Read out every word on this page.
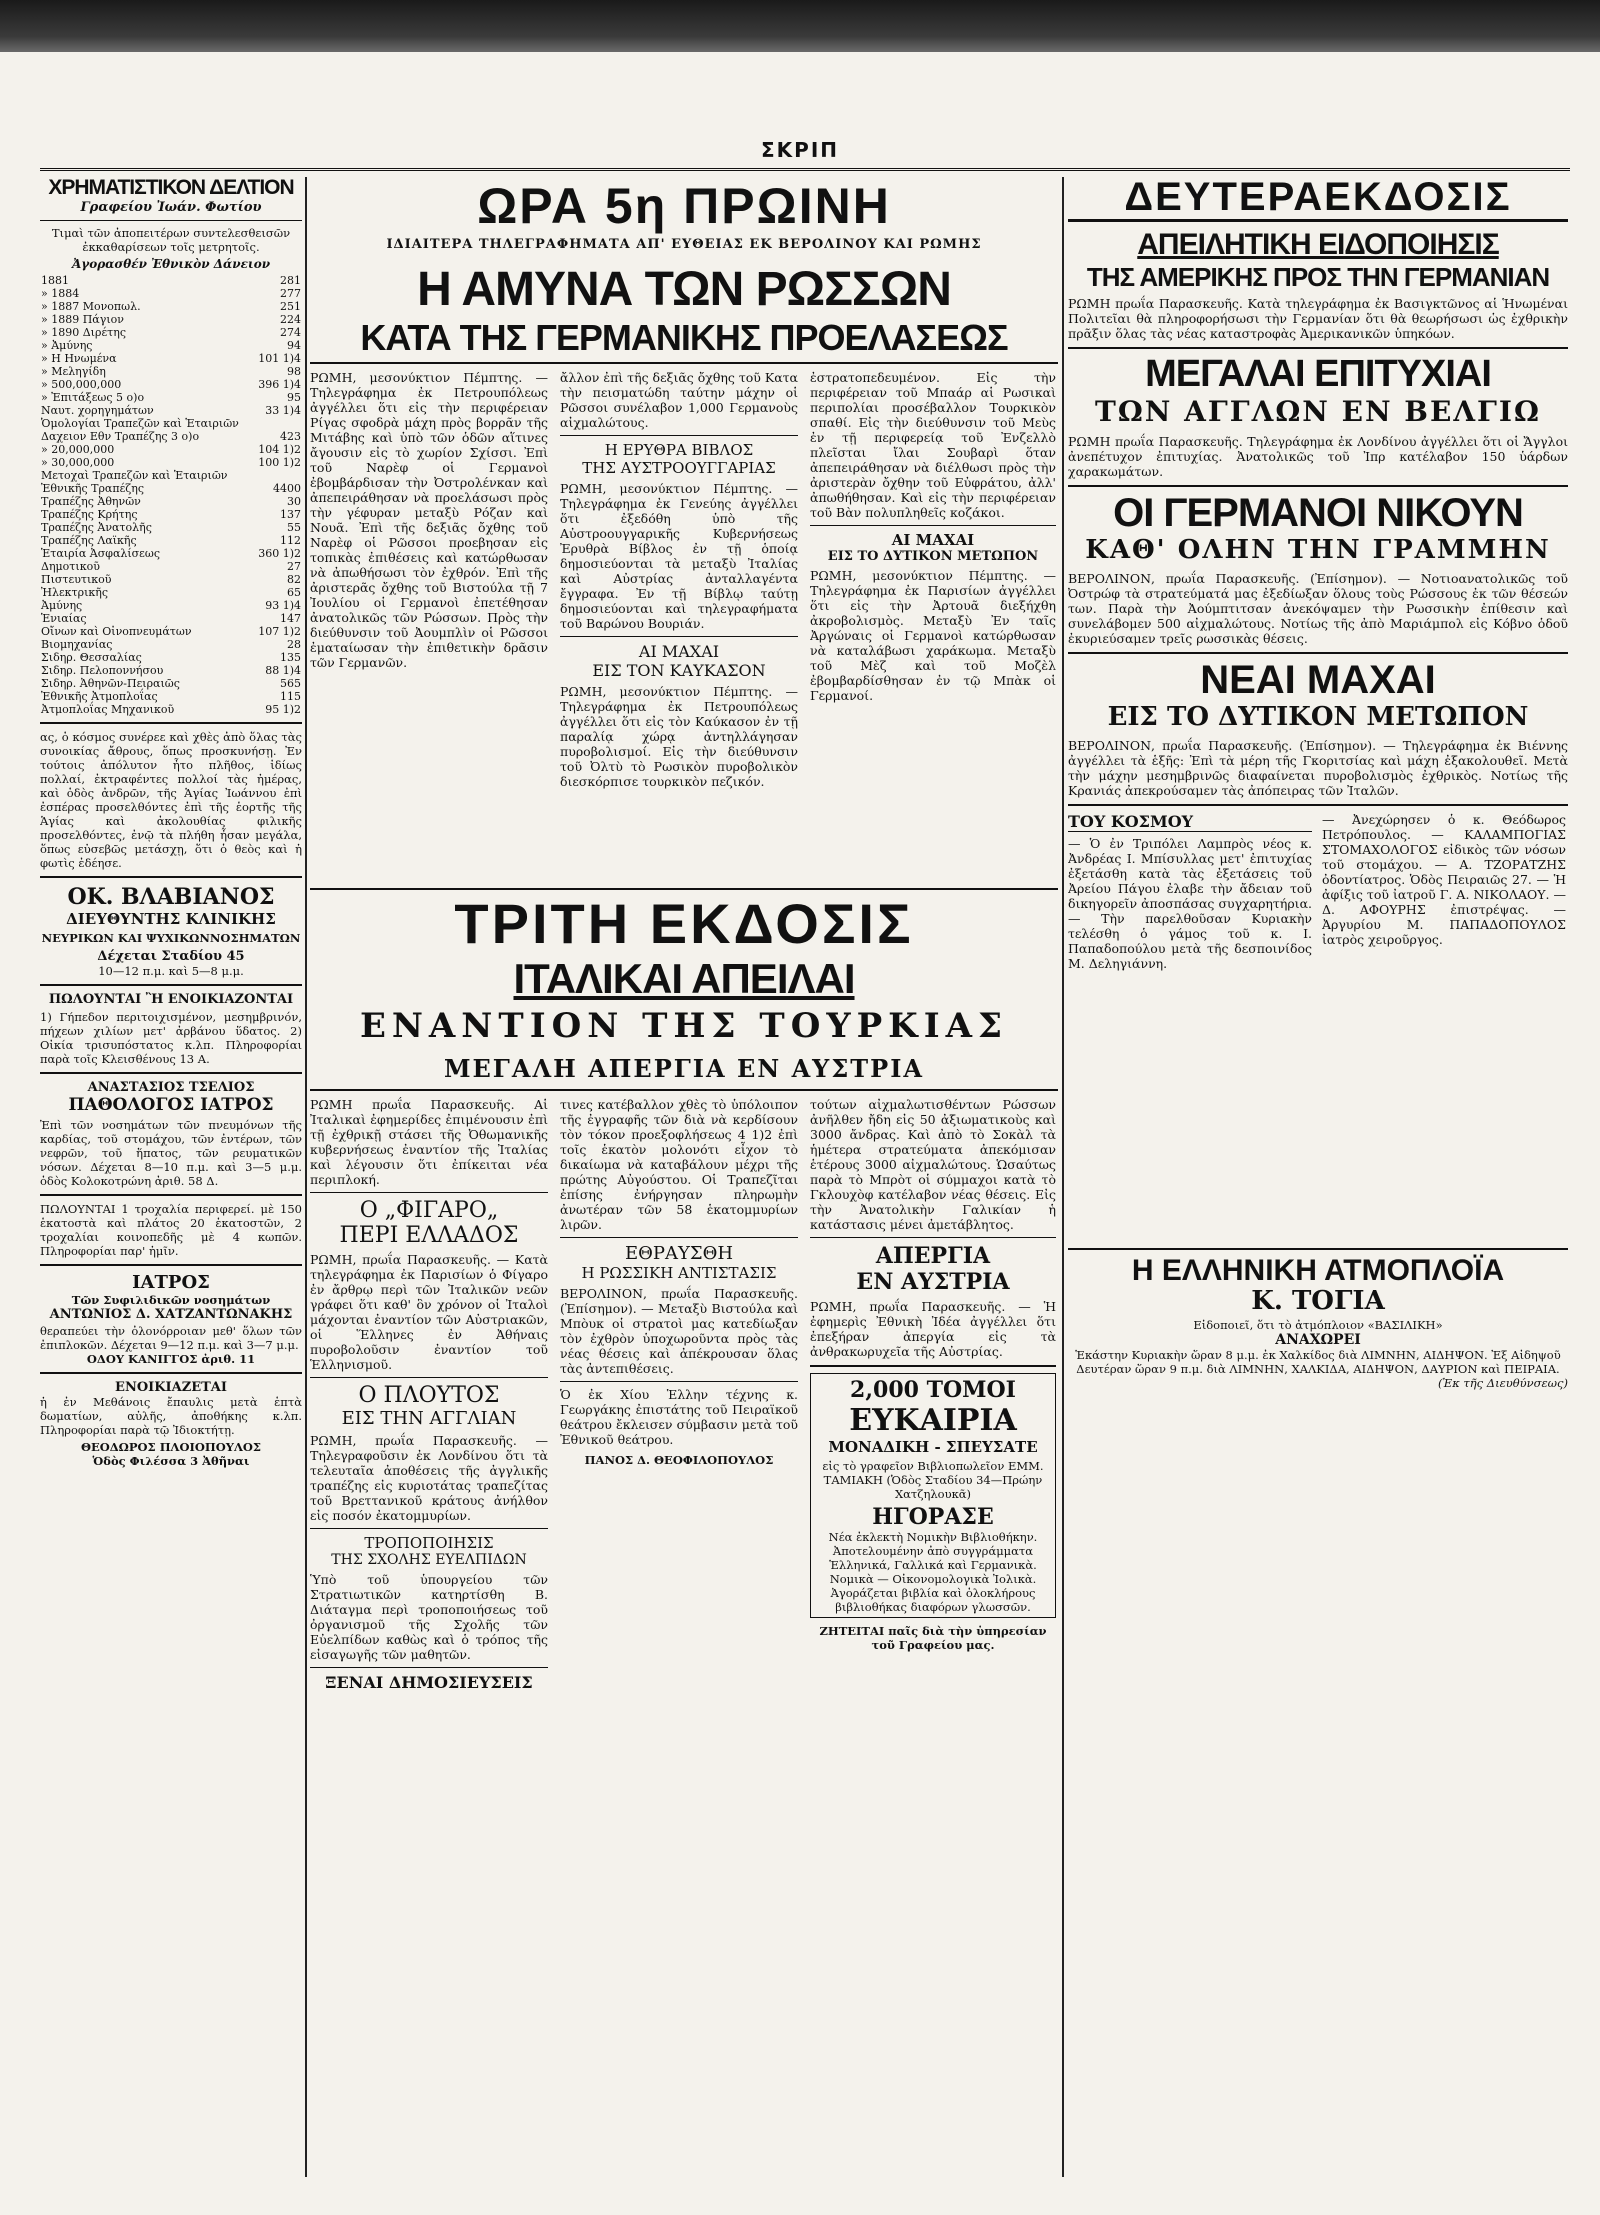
ΣΚΡΙΠ
ΧΡΗΜΑΤΙΣΤΙΚΟΝ ΔΕΛΤΙΟΝ
Γραφείου Ἰωάν. Φωτίου

Τιμαὶ τῶν ἀποπειτέρων συντελεσθεισῶν ἐκκαθαρίσεων τοῖς μετρητοῖς.

Ἀγορασθέν Ἐθνικὸν Δάνειον
1881	281
» 1884	277
» 1887 Μονοπωλ.	251
» 1889 Πάγιον	224
» 1890 Διρέτης	274
» Ἀμύνης	94
» Η Ηνωμένα	101 1)4
» Μεληγίδη	98
» 500,000,000	396 1)4
» Ἐπιτάξεως 5 ο)ο	95
Ναυτ. χορηγημάτων	33 1)4
Ὁμολογίαι Τραπεζῶν καὶ Ἑταιριῶν	
Δαχειον Εθν Τραπέζης 3 ο)ο	423
» 20,000,000	104 1)2
» 30,000,000	100 1)2
Μετοχαὶ Τραπεζῶν καὶ Ἑταιριῶν	
Ἐθνικῆς Τραπέζης	4400
Τραπέζης Ἀθηνῶν	30
Τραπέζης Κρήτης	137
Τραπέζης Ἀνατολῆς	55
Τραπέζης Λαϊκῆς	112
Ἑταιρία Ἀσφαλίσεως	360 1)2
Δημοτικοῦ	27
Πιστευτικοῦ	82
Ἠλεκτρικῆς	65
Ἀμύνης	93 1)4
Ἑνιαίας	147
Οἴνων καὶ Οἰνοπνευμάτων	107 1)2
Βιομηχανίας	28
Σιδηρ. Θεσσαλίας	135
Σιδηρ. Πελοποννήσου	88 1)4
Σιδηρ. Ἀθηνῶν-Πειραιῶς	565
Ἐθνικῆς Ἀτμοπλοΐας	115
Ἀτμοπλοΐας Μηχανικοῦ	95 1)2

ας, ὁ κόσμος συνέρεε καὶ χθὲς ἀπὸ ὅλας τὰς συνοικίας ἄθρους, ὅπως προσκυνήσῃ. Ἐν τούτοις ἀπόλυτον ἦτο πλῆθος, ἰδίως πολλαί, ἐκτραφέντες πολλοί τὰς ἡμέρας, καὶ ὁδὸς ἀνδρῶν, τῆς Ἁγίας Ἰωάννου ἐπὶ ἐσπέρας προσελθόντες ἐπὶ τῆς ἑορτῆς τῆς Ἁγίας καὶ ἀκολουθίας φιλικῆς προσελθόντες, ἐνῷ τὰ πλήθη ἦσαν μεγάλα, ὅπως εὐσεβῶς μετάσχῃ, ὅτι ὁ θεὸς καὶ ἡ φωτὶς ἐδέησε.

ΟΚ. ΒΛΑΒΙΑΝΟΣ
ΔΙΕΥΘΥΝΤΗΣ ΚΛΙΝΙΚΗΣ
ΝΕΥΡΙΚΩΝ ΚΑΙ ΨΥΧΙΚΩΝΝΟΣΗΜΑΤΩΝ
Δέχεται Σταδίου 45
10—12 π.μ. καὶ 5—8 μ.μ.
ΠΩΛΟΥΝΤΑΙ Ἢ ΕΝΟΙΚΙΑΖΟΝΤΑΙ

1) Γήπεδον περιτοιχισμένον, μεσημβρινόν, πήχεων χιλίων μετ' ἀρβάνου ὕδατος. 2) Οἰκία τρισυπόστατος κ.λπ. Πληροφορίαι παρὰ τοῖς Κλεισθένους 13 Α.

ΑΝΑΣΤΑΣΙΟΣ ΤΣΕΛΙΟΣ
ΠΑΘΟΛΟΓΟΣ ΙΑΤΡΟΣ

Ἐπὶ τῶν νοσημάτων τῶν πνευμόνων τῆς καρδίας, τοῦ στομάχου, τῶν ἐντέρων, τῶν νεφρῶν, τοῦ ἥπατος, τῶν ρευματικῶν νόσων. Δέχεται 8—10 π.μ. καὶ 3—5 μ.μ. ὁδὸς Κολοκοτρώνη ἀριθ. 58 Δ.

ΠΩΛΟΥΝΤΑΙ 1 τροχαλία περιφερεί. μὲ 150 ἑκατοστὰ καὶ πλάτος 20 ἑκατοστῶν, 2 τροχαλίαι κοινοπεδῆς μὲ 4 κωπῶν. Πληροφορίαι παρ' ἡμῖν.

ΙΑΤΡΟΣ
Τῶν Συφιλιδικῶν νοσημάτων
ΑΝΤΩΝΙΟΣ Δ. ΧΑΤΖΑΝΤΩΝΑΚΗΣ

θεραπεύει τὴν ὀλονόρροιαν μεθ' ὅλων τῶν ἐπιπλοκῶν. Δέχεται 9—12 π.μ. καὶ 3—7 μ.μ.

ΟΔΟΥ ΚΑΝΙΓΓΟΣ ἀριθ. 11
ΕΝΟΙΚΙΑΖΕΤΑΙ

ἡ ἐν Μεθάνοις ἔπαυλις μετὰ ἑπτὰ δωματίων, αὐλῆς, ἀποθήκης κ.λπ. Πληροφορίαι παρὰ τῷ Ἰδιοκτήτῃ.

ΘΕΟΔΩΡΟΣ ΠΛΟΙΟΠΟΥΛΟΣ
Ὁδὸς Φιλέσσα 3 Ἀθῆναι
ΩΡΑ 5η ΠΡΩΙΝΗ
ΙΔΙΑΙΤΕΡΑ ΤΗΛΕΓΡΑΦΗΜΑΤΑ ΑΠ' ΕΥΘΕΙΑΣ ΕΚ ΒΕΡΟΛΙΝΟΥ ΚΑΙ ΡΩΜΗΣ
Η ΑΜΥΝΑ ΤΩΝ ΡΩΣΣΩΝ
ΚΑΤΑ ΤΗΣ ΓΕΡΜΑΝΙΚΗΣ ΠΡΟΕΛΑΣΕΩΣ

ΡΩΜΗ, μεσονύκτιον Πέμπτης. — Τηλεγράφημα ἐκ Πετρουπόλεως ἀγγέλλει ὅτι εἰς τὴν περιφέρειαν Ρίγας σφοδρὰ μάχη πρὸς βορρᾶν τῆς Μιτάβης καὶ ὑπὸ τῶν ὁδῶν αἵτινες ἄγουσιν εἰς τὸ χωρίον Σχίσσι. Ἐπὶ τοῦ Ναρὲφ οἱ Γερμανοὶ ἐβομβάρδισαν τὴν Ὀστρολένκαν καὶ ἀπεπειράθησαν νὰ προελάσωσι πρὸς τὴν γέφυραν μεταξὺ Ρόζαν καὶ Νουᾶ. Ἐπὶ τῆς δεξιᾶς ὄχθης τοῦ Ναρὲφ οἱ Ρῶσσοι προεβησαν εἰς τοπικὰς ἐπιθέσεις καὶ κατώρθωσαν νὰ ἀπωθήσωσι τὸν ἐχθρόν. Ἐπὶ τῆς ἀριστερᾶς ὄχθης τοῦ Βιστούλα τῇ 7 Ἰουλίου οἱ Γερμανοὶ ἐπετέθησαν ἀνατολικῶς τῶν Ρώσσων. Πρὸς τὴν διεύθυνσιν τοῦ Ἀουμπλὶν οἱ Ρῶσσοι ἐματαίωσαν τὴν ἐπιθετικὴν δρᾶσιν τῶν Γερμανῶν.

ἄλλον ἐπὶ τῆς δεξιᾶς ὄχθης τοῦ Κατα τὴν πεισματώδη ταύτην μάχην οἱ Ρῶσσοι συνέλαβον 1,000 Γερμανοὺς αἰχμαλώτους.

Η ΕΡΥΘΡΑ ΒΙΒΛΟΣ
ΤΗΣ ΑΥΣΤΡΟΟΥΓΓΑΡΙΑΣ

ΡΩΜΗ, μεσονύκτιον Πέμπτης. — Τηλεγράφημα ἐκ Γενεύης ἀγγέλλει ὅτι ἐξεδόθη ὑπὸ τῆς Αὐστροουγγαρικῆς Κυβερνήσεως Ἐρυθρὰ Βίβλος ἐν τῇ ὁποίᾳ δημοσιεύονται τὰ μεταξὺ Ἰταλίας καὶ Αὐστρίας ἀνταλλαγέντα ἔγγραφα. Ἐν τῇ Βίβλῳ ταύτῃ δημοσιεύονται καὶ τηλεγραφήματα τοῦ Βαρώνου Βουριάν.

ΑΙ ΜΑΧΑΙ
ΕΙΣ ΤΟΝ ΚΑΥΚΑΣΟΝ

ΡΩΜΗ, μεσονύκτιον Πέμπτης. — Τηλεγράφημα ἐκ Πετρουπόλεως ἀγγέλλει ὅτι εἰς τὸν Καύκασον ἐν τῇ παραλίᾳ χώρᾳ ἀντηλλάγησαν πυροβολισμοί. Εἰς τὴν διεύθυνσιν τοῦ Ὀλτὺ τὸ Ρωσικὸν πυροβολικὸν διεσκόρπισε τουρκικὸν πεζικόν.

ἐστρατοπεδευμένον. Εἰς τὴν περιφέρειαν τοῦ Μπαάρ αἱ Ρωσικαὶ περιπολίαι προσέβαλλον Τουρκικὸν σπαθί. Εἰς τὴν διεύθυνσιν τοῦ Μεὺς ἐν τῇ περιφερείᾳ τοῦ Ἐνζελλὸ πλεῖσται ἴλαι Σουβαρὶ ὅταν ἀπεπειράθησαν νὰ διέλθωσι πρὸς τὴν ἀριστερὰν ὄχθην τοῦ Εὐφράτου, ἀλλ' ἀπωθήθησαν. Καὶ εἰς τὴν περιφέρειαν τοῦ Βὰν πολυπληθεῖς κοζάκοι.

ΑΙ ΜΑΧΑΙ
ΕΙΣ ΤΟ ΔΥΤΙΚΟΝ ΜΕΤΩΠΟΝ

ΡΩΜΗ, μεσονύκτιον Πέμπτης. — Τηλεγράφημα ἐκ Παρισίων ἀγγέλλει ὅτι εἰς τὴν Ἀρτουᾶ διεξήχθη ἀκροβολισμὸς. Μεταξὺ Ἐν ταῖς Ἀργώναις οἱ Γερμανοὶ κατώρθωσαν νὰ καταλάβωσι χαράκωμα. Μεταξὺ τοῦ Μὲζ καὶ τοῦ Μοζὲλ ἐβομβαρδίσθησαν ἐν τῷ Μπὰκ οἱ Γερμανοί.

ΤΡΙΤΗ ΕΚΔΟΣΙΣ
ΙΤΑΛΙΚΑΙ ΑΠΕΙΛΑΙ
ΕΝΑΝΤΙΟΝ ΤΗΣ ΤΟΥΡΚΙΑΣ
ΜΕΓΑΛΗ ΑΠΕΡΓΙΑ ΕΝ ΑΥΣΤΡΙΑ

ΡΩΜΗ πρωΐα Παρασκευῆς. Αἱ Ἰταλικαὶ ἐφημερίδες ἐπιμένουσιν ἐπὶ τῇ ἐχθρικῇ στάσει τῆς Ὀθωμανικῆς κυβερνήσεως ἐναντίον τῆς Ἰταλίας καὶ λέγουσιν ὅτι ἐπίκειται νέα περιπλοκή.

Ο „ΦΙΓΑΡΟ„
ΠΕΡΙ ΕΛΛΑΔΟΣ

ΡΩΜΗ, πρωΐα Παρασκευῆς. — Κατὰ τηλεγράφημα ἐκ Παρισίων ὁ Φίγαρο ἐν ἄρθρῳ περὶ τῶν Ἰταλικῶν νεῶν γράφει ὅτι καθ' ὃν χρόνον οἱ Ἰταλοὶ μάχονται ἐναντίον τῶν Αὐστριακῶν, οἱ Ἕλληνες ἐν Ἀθήναις πυροβολοῦσιν ἐναντίον τοῦ Ἑλληνισμοῦ.

Ο ΠΛΟΥΤΟΣ
ΕΙΣ ΤΗΝ ΑΓΓΛΙΑΝ

ΡΩΜΗ, πρωΐα Παρασκευῆς. — Τηλεγραφοῦσιν ἐκ Λονδίνου ὅτι τὰ τελευταῖα ἀποθέσεις τῆς ἀγγλικῆς τραπέζης εἰς κυριοτάτας τραπεζίτας τοῦ Βρεττανικοῦ κράτους ἀνήλθον εἰς ποσόν ἐκατομμυρίων.

ΤΡΟΠΟΠΟΙΗΣΙΣ
ΤΗΣ ΣΧΟΛΗΣ ΕΥΕΛΠΙΔΩΝ

Ὑπὸ τοῦ ὑπουργείου τῶν Στρατιωτικῶν κατηρτίσθη Β. Διάταγμα περὶ τροποποιήσεως τοῦ ὀργανισμοῦ τῆς Σχολῆς τῶν Εὐελπίδων καθὼς καὶ ὁ τρόπος τῆς εἰσαγωγῆς τῶν μαθητῶν.

ΞΕΝΑΙ ΔΗΜΟΣΙΕΥΣΕΙΣ

τινες κατέβαλλον χθὲς τὸ ὑπόλοιπον τῆς ἐγγραφῆς τῶν διὰ νὰ κερδίσουν τὸν τόκον προεξοφλήσεως 4 1)2 ἐπὶ τοῖς ἑκατὸν μολονότι εἶχον τὸ δικαίωμα νὰ καταβάλουν μέχρι τῆς πρώτης Αὐγούστου. Οἱ Τραπεζῖται ἐπίσης ἐνήργησαν πληρωμὴν ἀνωτέραν τῶν 58 ἑκατομμυρίων λιρῶν.

ΕΘΡΑΥΣΘΗ
Η ΡΩΣΣΙΚΗ ΑΝΤΙΣΤΑΣΙΣ

ΒΕΡΟΛΙΝΟΝ, πρωΐα Παρασκευῆς. (Ἐπίσημον). — Μεταξὺ Βιστούλα καὶ Μπὸυκ οἱ στρατοὶ μας κατεδίωξαν τὸν ἐχθρὸν ὑποχωροῦντα πρὸς τὰς νέας θέσεις καὶ ἀπέκρουσαν ὅλας τὰς ἀντεπιθέσεις.

Ὁ ἐκ Χίου Ἑλλην τέχνης κ. Γεωργάκης ἐπιστάτης τοῦ Πειραϊκοῦ θεάτρου ἔκλεισεν σύμβασιν μετὰ τοῦ Ἐθνικοῦ θεάτρου.

ΠΑΝΟΣ Δ. ΘΕΟΦΙΛΟΠΟΥΛΟΣ

τούτων αἰχμαλωτισθέντων Ρώσσων ἀνῆλθεν ἤδη εἰς 50 ἀξιωματικοὺς καὶ 3000 ἄνδρας. Καὶ ἀπὸ τὸ Σοκὰλ τὰ ἡμέτερα στρατεύματα ἀπεκόμισαν ἑτέρους 3000 αἰχμαλώτους. Ὡσαύτως παρὰ τὸ Μπρὸτ οἱ σύμμαχοι κατὰ τὸ Γκλουχὸφ κατέλαβον νέας θέσεις. Εἰς τὴν Ἀνατολικὴν Γαλικίαν ἡ κατάστασις μένει ἀμετάβλητος.

ΑΠΕΡΓΙΑ
ΕΝ ΑΥΣΤΡΙΑ

ΡΩΜΗ, πρωΐα Παρασκευῆς. — Ἡ ἐφημερὶς Ἐθνικὴ Ἰδέα ἀγγέλλει ὅτι ἐπεξήραν ἀπεργία εἰς τὰ ἀνθρακωρυχεῖα τῆς Αὐστρίας.

2,000 ΤΟΜΟΙ
ΕΥΚΑΙΡΙΑ
ΜΟΝΑΔΙΚΗ - ΣΠΕΥΣΑΤΕ

εἰς τὸ γραφεῖον Βιβλιοπωλεῖον ΕΜΜ. ΤΑΜΙΑΚΗ (Ὁδὸς Σταδίου 34—Πρώην Χατζηλουκᾶ)

ΗΓΟΡΑΣΕ

Νέα ἐκλεκτὴ Νομικὴν Βιβλιοθήκην. Ἀποτελουμένην ἀπὸ συγγράμματα Ἑλληνικά, Γαλλικά καὶ Γερμανικὰ. Νομικὰ — Οἰκονομολογικὰ Ἰολικὰ. Ἀγοράζεται βιβλία καὶ ὁλοκλήρους βιβλιοθήκας διαφόρων γλωσσῶν.

ΖΗΤΕΙΤΑΙ παῖς διὰ τὴν ὑπηρεσίαν τοῦ Γραφείου μας.

ΔΕΥΤΕΡΑΕΚΔΟΣΙΣ
ΑΠΕΙΛΗΤΙΚΗ ΕΙΔΟΠΟΙΗΣΙΣ
ΤΗΣ ΑΜΕΡΙΚΗΣ ΠΡΟΣ ΤΗΝ ΓΕΡΜΑΝΙΑΝ

ΡΩΜΗ πρωΐα Παρασκευῆς. Κατὰ τηλεγράφημα ἐκ Βασιγκτῶνος αἱ Ἡνωμέναι Πολιτεῖαι θὰ πληροφορήσωσι τὴν Γερμανίαν ὅτι θὰ θεωρήσωσι ὡς ἐχθρικὴν πρᾶξιν ὅλας τὰς νέας καταστροφὰς Ἀμερικανικῶν ὑπηκόων.

ΜΕΓΑΛΑΙ ΕΠΙΤΥΧΙΑΙ
ΤΩΝ ΑΓΓΛΩΝ ΕΝ ΒΕΛΓΙΩ

ΡΩΜΗ πρωΐα Παρασκευῆς. Τηλεγράφημα ἐκ Λονδίνου ἀγγέλλει ὅτι οἱ Ἄγγλοι ἀνεπέτυχον ἐπιτυχίας. Ἀνατολικῶς τοῦ Ἰπρ κατέλαβον 150 ὑάρδων χαρακωμάτων.

ΟΙ ΓΕΡΜΑΝΟΙ ΝΙΚΟΥΝ
ΚΑΘ' ΟΛΗΝ ΤΗΝ ΓΡΑΜΜΗΝ

ΒΕΡΟΛΙΝΟΝ, πρωΐα Παρασκευῆς. (Ἐπίσημον). — Νοτιοανατολικῶς τοῦ Ὀστρώφ τὰ στρατεύματά μας ἐξεδίωξαν ὅλους τοὺς Ρώσσους ἐκ τῶν θέσεών των. Παρὰ τὴν Ἀούμπτιτσαν ἀνεκόψαμεν τὴν Ρωσσικὴν ἐπίθεσιν καὶ συνελάβομεν 500 αἰχμαλώτους. Νοτίως τῆς ἀπὸ Μαριάμπολ εἰς Κόβνο ὁδοῦ ἐκυριεύσαμεν τρεῖς ρωσσικὰς θέσεις.

ΝΕΑΙ ΜΑΧΑΙ
ΕΙΣ ΤΟ ΔΥΤΙΚΟΝ ΜΕΤΩΠΟΝ

ΒΕΡΟΛΙΝΟΝ, πρωΐα Παρασκευῆς. (Ἐπίσημον). — Τηλεγράφημα ἐκ Βιέννης ἀγγέλλει τὰ ἑξῆς: Ἐπὶ τὰ μέρη τῆς Γκοριτσίας καὶ μάχη ἐξακολουθεῖ. Μετὰ τὴν μάχην μεσημβρινῶς διαφαίνεται πυροβολισμὸς ἐχθρικὸς. Νοτίως τῆς Κρανιάς ἀπεκρούσαμεν τὰς ἀπόπειρας τῶν Ἰταλῶν.

ΤΟΥ ΚΟΣΜΟΥ

— Ὁ ἐν Τριπόλει Λαμπρὸς νέος κ. Ἀνδρέας Ι. Μπίσυλλας μετ' ἐπιτυχίας ἐξετάσθη κατὰ τὰς ἐξετάσεις τοῦ Ἀρείου Πάγου ἐλαβε τὴν ἄδειαν τοῦ δικηγορεῖν ἀποσπάσας συγχαρητήρια. — Τὴν παρελθοῦσαν Κυριακὴν τελέσθη ὁ γάμος τοῦ κ. Ι. Παπαδοπούλου μετὰ τῆς δεσποινίδος Μ. Δεληγιάννη.

— Ἀνεχώρησεν ὁ κ. Θεόδωρος Πετρόπουλος. — ΚΑΛΑΜΠΟΓΙΑΣ ΣΤΟΜΑΧΟΛΟΓΟΣ εἰδικὸς τῶν νόσων τοῦ στομάχου. — Α. ΤΖΟΡΑΤΖΗΣ ὀδοντίατρος. Ὁδὸς Πειραιῶς 27. — Ἡ ἀφίξις τοῦ ἰατροῦ Γ. Α. ΝΙΚΟΛΑΟΥ. — Δ. ΑΦΟΥΡΗΣ ἐπιστρέψας. — Ἀργυρίου Μ. ΠΑΠΑΔΟΠΟΥΛΟΣ ἰατρὸς χειροῦργος.

Η ΕΛΛΗΝΙΚΗ ΑΤΜΟΠΛΟΪΑ
Κ. ΤΟΓΙΑ
Εἰδοποιεῖ, ὅτι τὸ ἀτμόπλοιον «ΒΑΣΙΛΙΚΗ»
ΑΝΑΧΩΡΕΙ

Ἑκάστην Κυριακὴν ὥραν 8 μ.μ. ἐκ Χαλκίδος διὰ ΛΙΜΝΗΝ, ΑΙΔΗΨΟΝ. Ἐξ Αἰδηψοῦ Δευτέραν ὥραν 9 π.μ. διὰ ΛΙΜΝΗΝ, ΧΑΛΚΙΔΑ, ΑΙΔΗΨΟΝ, ΔΑΥΡΙΟΝ καὶ ΠΕΙΡΑΙΑ.

(Ἐκ τῆς Διευθύνσεως)
